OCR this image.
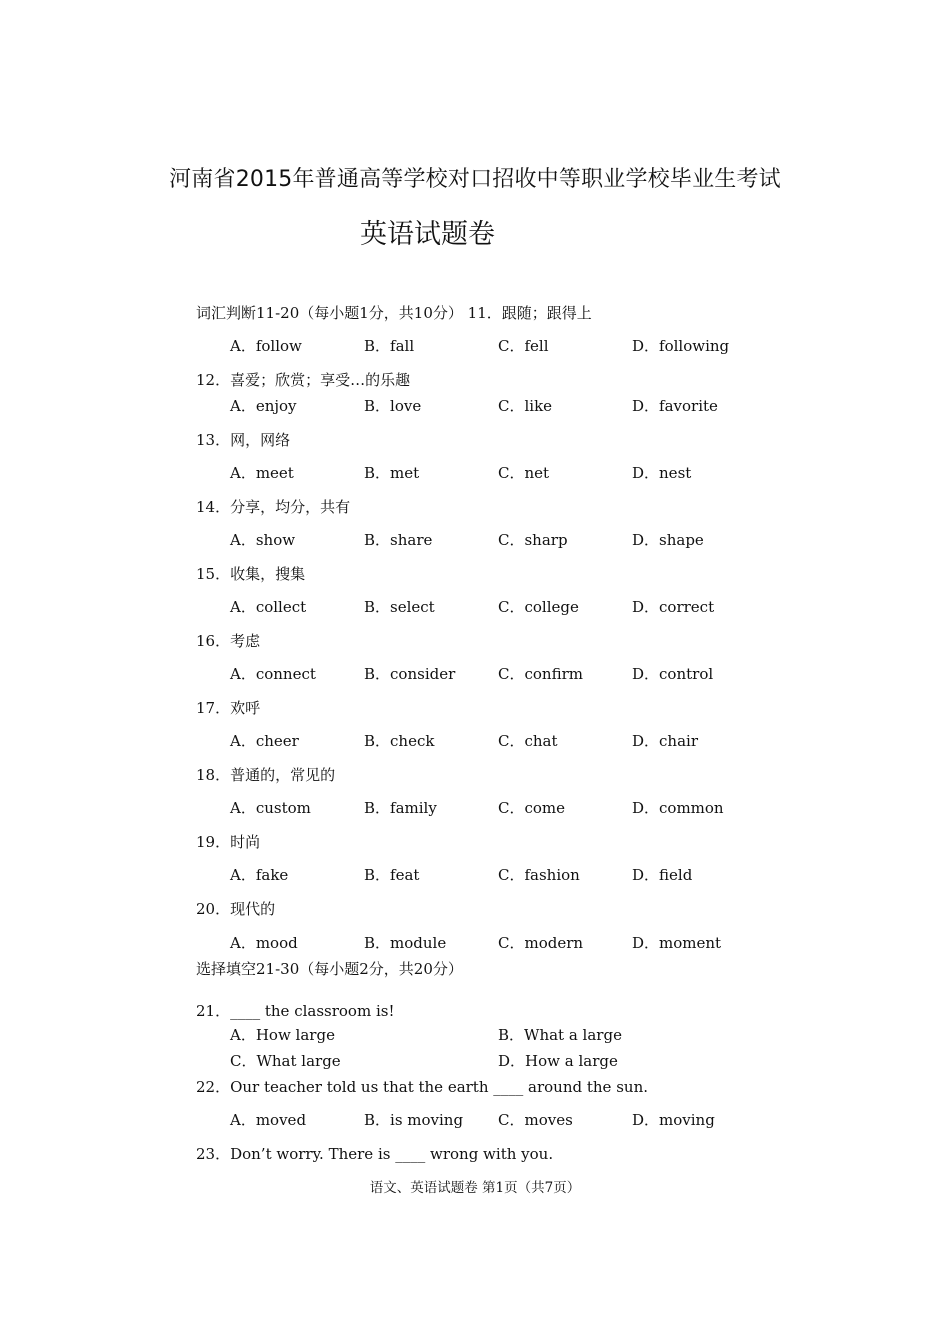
河南省2015年普通高等学校对口招收中等职业学校毕业生考试
英语试题卷
词汇判断11-20（每小题1分，共10分） 11．跟随；跟得上
A．follow	B．fall	C．fell	D．following
12．喜爱；欣赏；享受…的乐趣
A．enjoy	B．love	C．like	D．favorite
13．网，网络
A．meet	B．met	C．net	D．nest
14．分享，均分，共有
A．show	B．share	C．sharp	D．shape
15．收集，搜集
A．collect	B．select	C．college	D．correct
16．考虑
A．connect	B．consider	C．confirm	D．control
17．欢呼
A．cheer	B．check	C．chat	D．chair
18．普通的，常见的
A．custom	B．family	C．come	D．common
19．时尚
A．fake	B．feat	C．fashion	D．field
20．现代的
A．mood	B．module	C．modern	D．moment
选择填空21-30（每小题2分，共20分）
21．____ the classroom is!
A．How large	B．What a large
C．What large	D．How a large
22．Our teacher told us that the earth ____ around the sun.
A．moved	B．is moving C．moves	D．moving
23．Don’t worry. There is ____ wrong with you.
语文、英语试题卷 第1页（共7页）
